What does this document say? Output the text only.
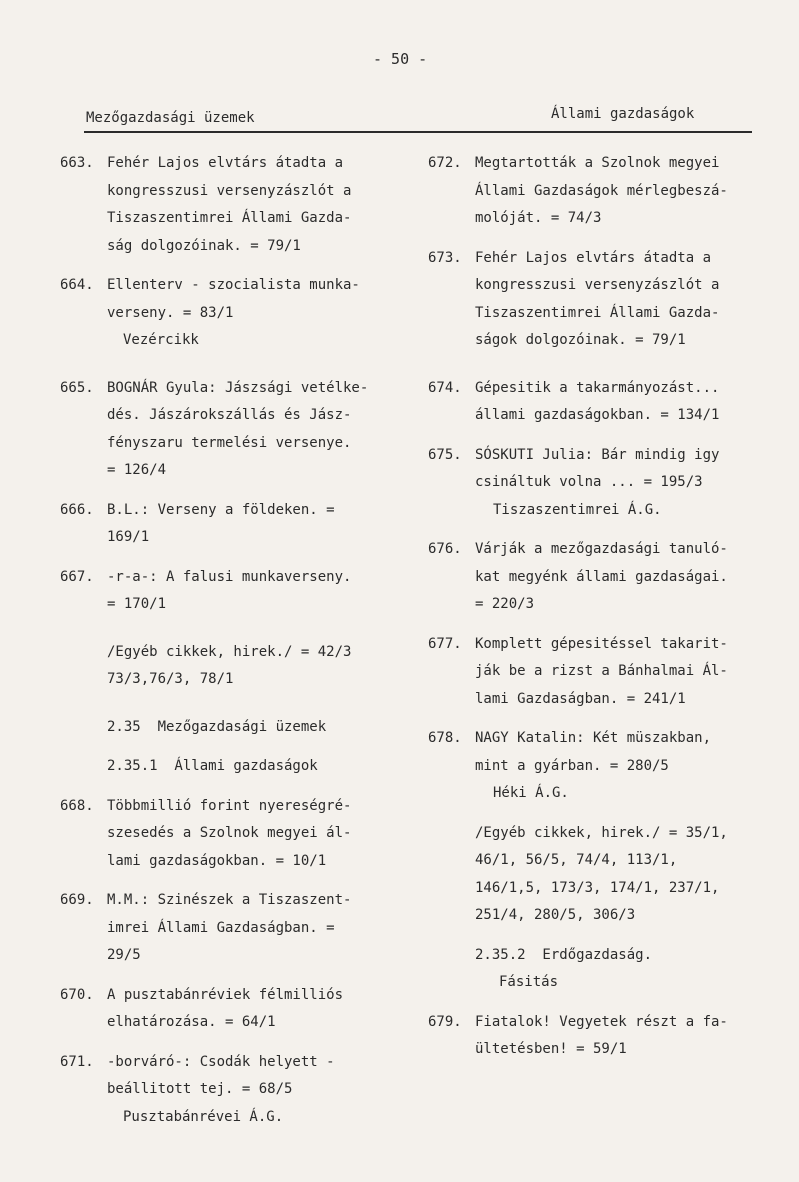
- 50 -
Mezőgazdasági üzemek	Állami gazdaságok
663. Fehér Lajos elvtárs átadta a
kongresszusi versenyzászlót a
Tiszaszentimrei Állami Gazda-
ság dolgozóinak. = 79/1
664. Ellenterv - szocialista munka-
verseny. = 83/1
Vezércikk
665. BOGNÁR Gyula: Jászsági vetélke-
dés. Jászárokszállás és Jász-
fényszaru termelési versenye.
= 126/4
666. B.L.: Verseny a földeken. =
169/1
667. -r-a-: A falusi munkaverseny.
= 170/1
/Egyéb cikkek, hirek./ = 42/3
73/3,76/3, 78/1
2.35  Mezőgazdasági üzemek
2.35.1  Állami gazdaságok
668. Többmillió forint nyereségré-
szesedés a Szolnok megyei ál-
lami gazdaságokban. = 10/1
669. M.M.: Szinészek a Tiszaszent-
imrei Állami Gazdaságban. =
29/5
670. A pusztabánréviek félmilliós
elhatározása. = 64/1
671. -borváró-: Csodák helyett -
beállitott tej. = 68/5
Pusztabánrévei Á.G.
672. Megtartották a Szolnok megyei
Állami Gazdaságok mérlegbeszá-
molóját. = 74/3
673. Fehér Lajos elvtárs átadta a
kongresszusi versenyzászlót a
Tiszaszentimrei Állami Gazda-
ságok dolgozóinak. = 79/1
674. Gépesitik a takarmányozást...
állami gazdaságokban. = 134/1
675. SÓSKUTI Julia: Bár mindig igy
csináltuk volna ... = 195/3
Tiszaszentimrei Á.G.
676. Várják a mezőgazdasági tanuló-
kat megyénk állami gazdaságai.
= 220/3
677. Komplett gépesitéssel takarit-
ják be a rizst a Bánhalmai Ál-
lami Gazdaságban. = 241/1
678. NAGY Katalin: Két müszakban,
mint a gyárban. = 280/5
Héki Á.G.
/Egyéb cikkek, hirek./ = 35/1,
46/1, 56/5, 74/4, 113/1,
146/1,5, 173/3, 174/1, 237/1,
251/4, 280/5, 306/3
2.35.2  Erdőgazdaság.
Fásitás
679. Fiatalok! Vegyetek részt a fa-
ültetésben! = 59/1
